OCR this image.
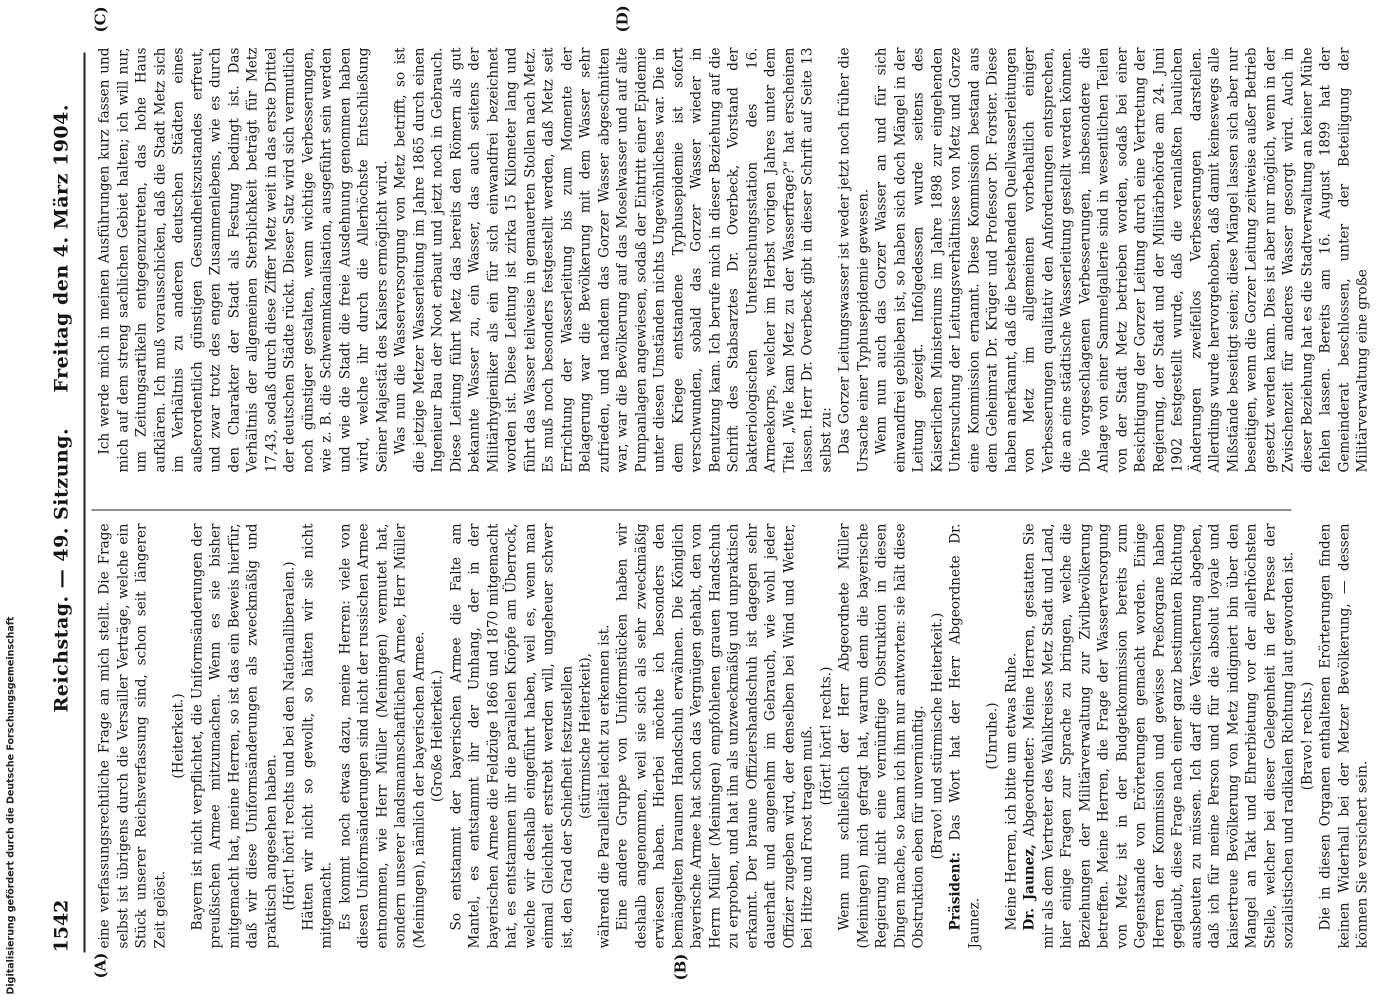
Digitalisierung gefördert durch die Deutsche Forschungsgemeinschaft 1542
Reichstag. — 49. Sitzung.
Freitag den 4. März 1904.
(A)	(B)
(C)	(D)

eine verfassungsrechtliche Frage an mich stellt. Die Frage selbst ist übrigens durch die Versailler Verträge, welche ein Stück unserer Reichsverfassung sind, schon seit längerer Zeit gelöst.

(Heiterkeit.) Bayern ist nicht verpflichtet, die Uniformsänderungen der preußischen Armee mitzumachen. Wenn es sie bisher mitgemacht hat, meine Herren, so ist das ein Beweis hierfür, daß wir diese Uniformsänderungen als zweckmäßig und praktisch angesehen haben. (Hört! hört! rechts und bei den Nationalliberalen.) Hätten wir nicht so gewollt, so hätten wir sie nicht mitgemacht. Es kommt noch etwas dazu, meine Herren: viele von diesen Uniformsänderungen sind nicht der russischen Armee entnommen, wie Herr Müller (Meiningen) vermutet hat, sondern unserer landsmannschaftlichen Armee, Herr Müller (Meiningen), nämlich der bayerischen Armee. (Große Heiterkeit.) So entstammt der bayerischen Armee die Falte am Mantel, es entstammt ihr der Umhang, der in der bayerischen Armee die Feldzüge 1866 und 1870 mitgemacht hat, es entstammen ihr die parallelen Knöpfe am Überrock, welche wir deshalb eingeführt haben, weil es, wenn man einmal Gleichheit erstrebt werden will, ungeheuer schwer ist, den Grad der Schiefheit festzustellen (stürmische Heiterkeit), während die Parallelität leicht zu erkennen ist. Eine andere Gruppe von Uniformstücken haben wir deshalb angenommen, weil sie sich als sehr zweckmäßig erwiesen haben. Hierbei möchte ich besonders den bemängelten braunen Handschuh erwähnen. Die Königlich bayerische Armee hat schon das Vergnügen gehabt, den von Herrn Müller (Meiningen) empfohlenen grauen Handschuh zu erproben, und hat ihn als unzweckmäßig und unpraktisch erkannt. Der braune Offiziershandschuh ist dagegen sehr dauerhaft und angenehm im Gebrauch, wie wohl jeder Offizier zugeben wird, der denselben bei Wind und Wetter, bei Hitze und Frost tragen muß. (Hört! hört! rechts.) Wenn nun schließlich der Herr Abgeordnete Müller (Meiningen) mich gefragt hat, warum denn die bayerische Regierung nicht eine vernünftige Obstruktion in diesen Dingen mache, so kann ich ihm nur antworten: sie hält diese Obstruktion eben für unvernünftig. (Bravo! und stürmische Heiterkeit.)

Präsident: Das Wort hat der Herr Abgeordnete Dr. Jaunez.

(Unruhe.) Meine Herren, ich bitte um etwas Ruhe. Dr. Jaunez, Abgeordneter: Meine Herren, gestatten Sie mir als dem Vertreter des Wahlkreises Metz Stadt und Land, hier einige Fragen zur Sprache zu bringen, welche die Beziehungen der Militärverwaltung zur Zivilbevölkerung betreffen. Meine Herren, die Frage der Wasserversorgung von Metz ist in der Budgetkommission bereits zum Gegenstande von Erörterungen gemacht worden. Einige Herren der Kommission und gewisse Preßorgane haben geglaubt, diese Frage nach einer ganz bestimmten Richtung ausbeuten zu müssen. Ich darf die Versicherung abgeben, daß ich für meine Person und für die absolut loyale und kaisertreue Bevölkerung von Metz indigniert bin über den Mangel an Takt und Ehrerbietung vor der allerhöchsten Stelle, welcher bei dieser Gelegenheit in der Presse der sozialistischen und radikalen Richtung laut geworden ist. (Bravo! rechts.) Die in diesen Organen enthaltenen Erörterungen finden keinen Widerhall bei der Metzer Bevölkerung, — dessen können Sie versichert sein.

Ich werde mich in meinen Ausführungen kurz fassen und mich auf dem streng sachlichen Gebiet halten; ich will nur, um Zeitungsartikeln entgegenzutreten, das hohe Haus aufklären. Ich muß vorausschicken, daß die Stadt Metz sich im Verhältnis zu anderen deutschen Städten eines außerordentlich günstigen Gesundheitszustandes erfreut, und zwar trotz des engen Zusammenlebens, wie es durch den Charakter der Stadt als Festung bedingt ist. Das Verhältnis der allgemeinen Sterblichkeit beträgt für Metz 17,43, sodaß durch diese Ziffer Metz weit in das erste Drittel der deutschen Städte rückt. Dieser Satz wird sich vermutlich noch günstiger gestalten, wenn wichtige Verbesserungen, wie z. B. die Schwemmkanalisation, ausgeführt sein werden und wie die Stadt die freie Ausdehnung genommen haben wird, welche ihr durch die Allerhöchste Entschließung Seiner Majestät des Kaisers ermöglicht wird. Was nun die Wasserversorgung von Metz betrifft, so ist die jetzige Metzer Wasserleitung im Jahre 1865 durch einen Ingenieur Bau der Noot erbaut und jetzt noch in Gebrauch. Diese Leitung führt Metz das bereits den Römern als gut bekannte Wasser zu, ein Wasser, das auch seitens der Militärhygieniker als ein für sich einwandfrei bezeichnet worden ist. Diese Leitung ist zirka 15 Kilometer lang und führt das Wasser teilweise in gemauerten Stollen nach Metz. Es muß noch besonders festgestellt werden, daß Metz seit Errichtung der Wasserleitung bis zum Momente der Belagerung war die Bevölkerung mit dem Wasser sehr zufrieden, und nachdem das Gorzer Wasser abgeschnitten war, war die Bevölkerung auf das Moselwasser und auf alte Pumpanlagen angewiesen, sodaß der Eintritt einer Epidemie unter diesen Umständen nichts Ungewöhnliches war. Die in dem Kriege entstandene Typhusepidemie ist sofort verschwunden, sobald das Gorzer Wasser wieder in Benutzung kam. Ich berufe mich in dieser Beziehung auf die Schrift des Stabsarztes Dr. Overbeck, Vorstand der bakteriologischen Untersuchungsstation des 16. Armeekorps, welcher im Herbst vorigen Jahres unter dem Titel „Wie kam Metz zu der Wasserfrage?“ hat erscheinen lassen. Herr Dr. Overbeck gibt in dieser Schrift auf Seite 13 selbst zu: Das Gorzer Leitungswasser ist weder jetzt noch früher die Ursache einer Typhusepidemie gewesen. Wenn nun auch das Gorzer Wasser an und für sich einwandfrei geblieben ist, so haben sich doch Mängel in der Leitung gezeigt. Infolgedessen wurde seitens des Kaiserlichen Ministeriums im Jahre 1898 zur eingehenden Untersuchung der Leitungsverhältnisse von Metz und Gorze eine Kommission ernannt. Diese Kommission bestand aus dem Geheimrat Dr. Krüger und Professor Dr. Forster. Diese haben anerkannt, daß die bestehenden Quellwasserleitungen von Metz im allgemeinen vorbehaltlich einiger Verbesserungen qualitativ den Anforderungen entsprechen, die an eine städtische Wasserleitung gestellt werden können. Die vorgeschlagenen Verbesserungen, insbesondere die Anlage von einer Sammelgallerie sind in wesentlichen Teilen von der Stadt Metz betrieben worden, sodaß bei einer Besichtigung der Gorzer Leitung durch eine Vertretung der Regierung, der Stadt und der Militärbehörde am 24. Juni 1902 festgestellt wurde, daß die veranlaßten baulichen Änderungen zweifellos Verbesserungen darstellen. Allerdings wurde hervorgehoben, daß damit keineswegs alle Mißstände beseitigt seien; diese Mängel lassen sich aber nur beseitigen, wenn die Gorzer Leitung zeitweise außer Betrieb gesetzt werden kann. Dies ist aber nur möglich, wenn in der Zwischenzeit für anderes Wasser gesorgt wird. Auch in dieser Beziehung hat es die Stadtverwaltung an keiner Mühe fehlen lassen. Bereits am 16. August 1899 hat der Gemeinderat beschlossen, unter der Beteiligung der Militärverwaltung eine große
